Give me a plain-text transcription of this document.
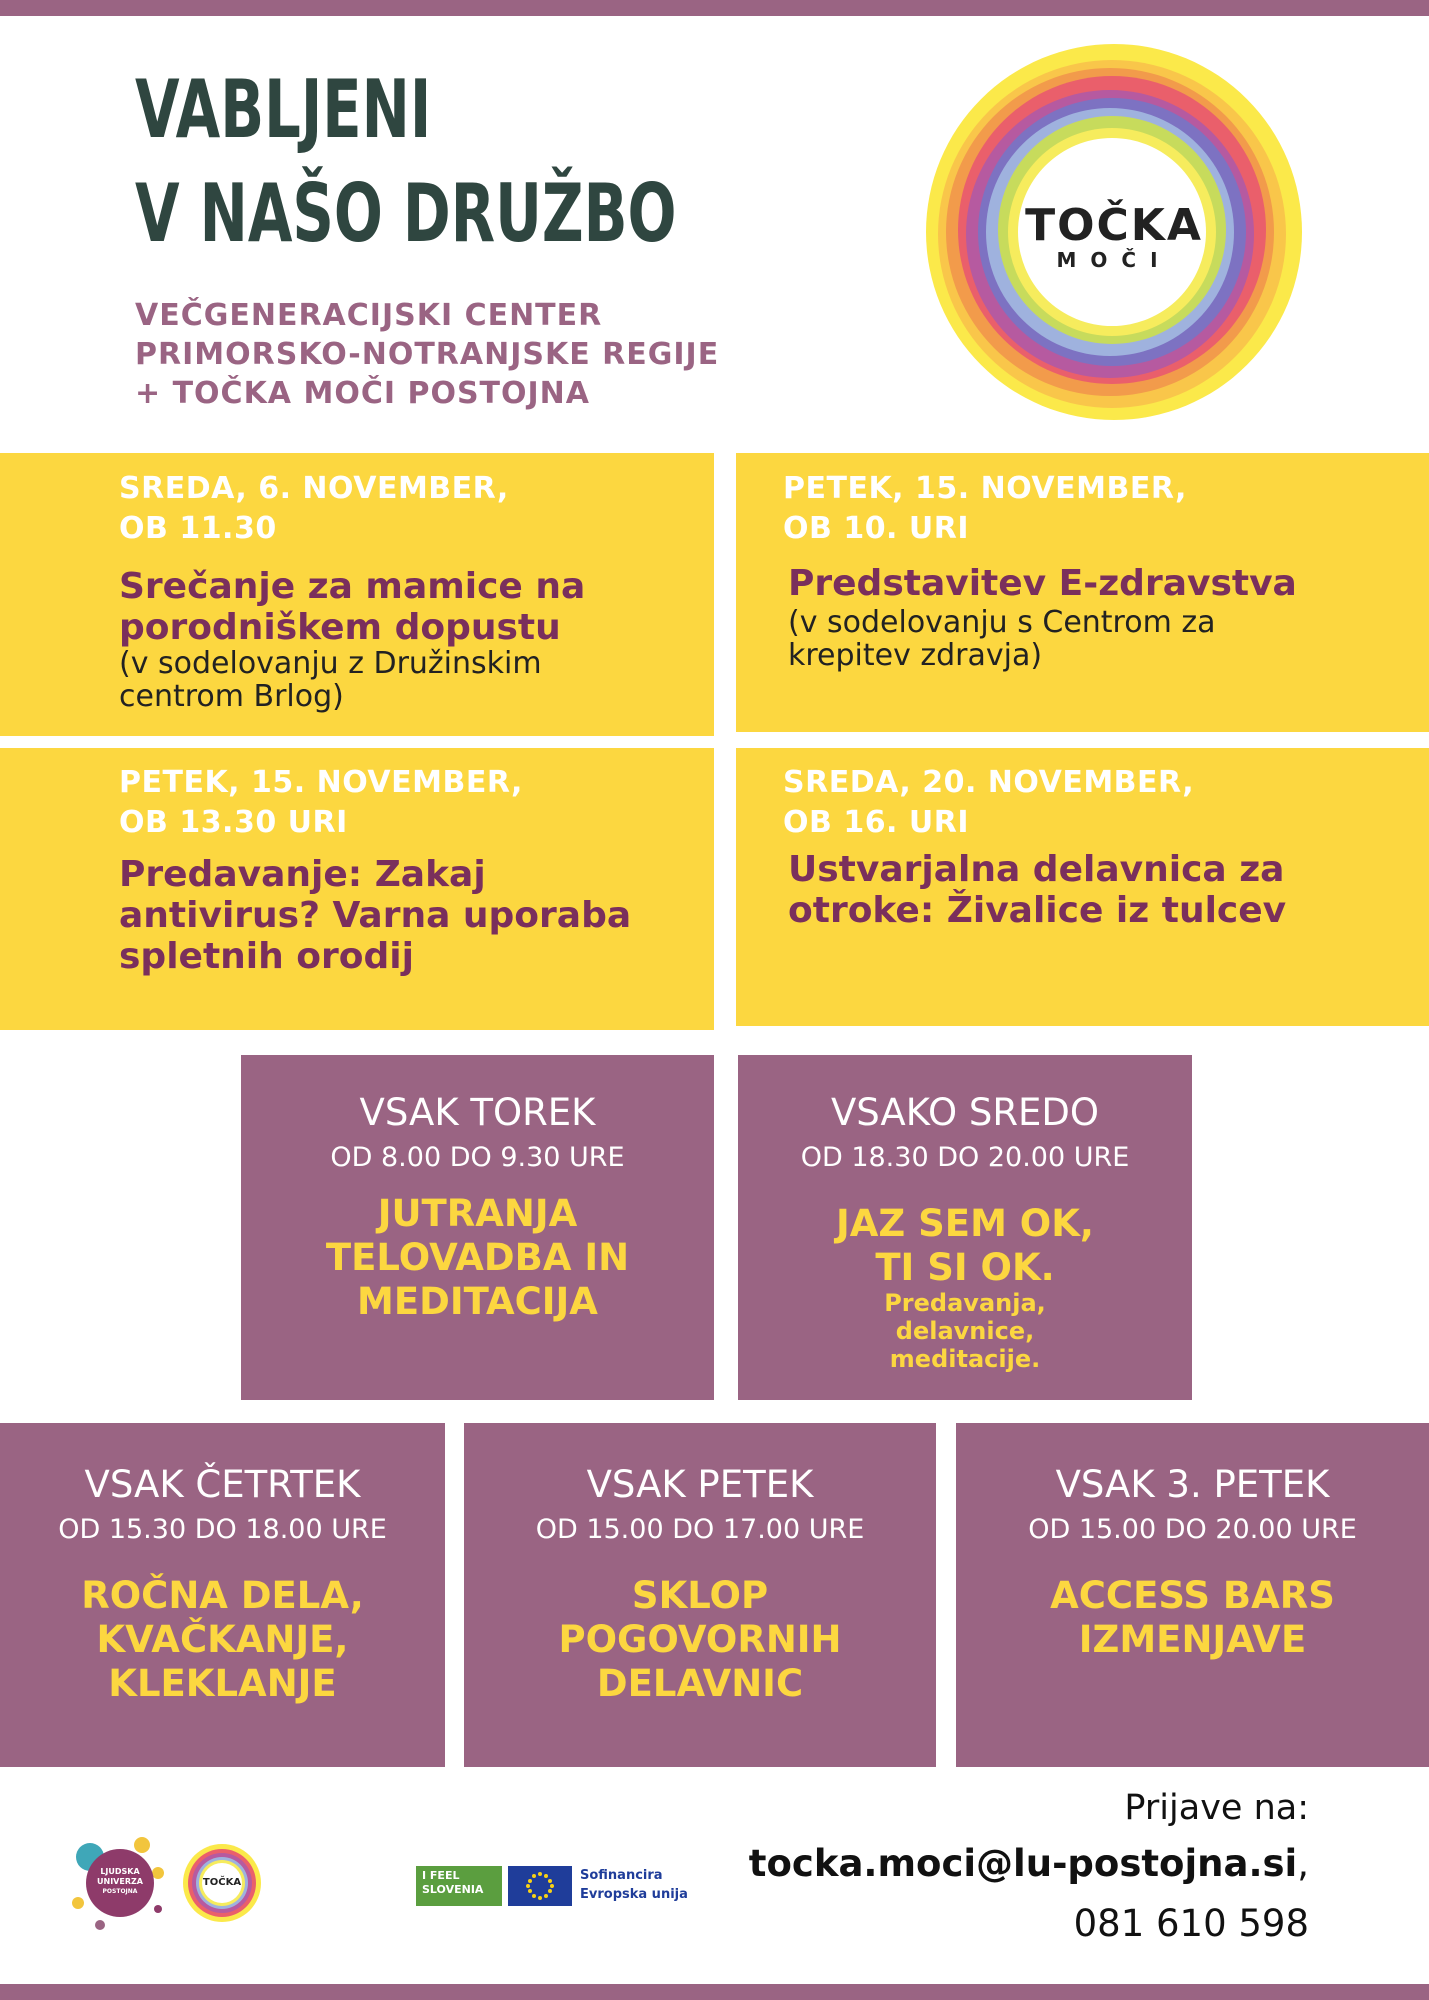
VABLJENI
V NAŠO DRUŽBO
VEČGENERACIJSKI CENTER
PRIMORSKO-NOTRANJSKE REGIJE
+ TOČKA MOČI POSTOJNA
TOČKA
MOČI
SREDA, 6. NOVEMBER,
OB 11.30
Srečanje za mamice na porodniškem dopustu
(v sodelovanju z Družinskim centrom Brlog)
PETEK, 15. NOVEMBER,
OB 10. URI
Predstavitev E-zdravstva
(v sodelovanju s Centrom za krepitev zdravja)
PETEK, 15. NOVEMBER,
OB 13.30 URI
Predavanje: Zakaj antivirus? Varna uporaba spletnih orodij
SREDA, 20. NOVEMBER,
OB 16. URI
Ustvarjalna delavnica za otroke: Živalice iz tulcev
VSAK TOREK
OD 8.00 DO 9.30 URE
JUTRANJA TELOVADBA IN MEDITACIJA
VSAKO SREDO
OD 18.30 DO 20.00 URE
JAZ SEM OK, TI SI OK.
Predavanja, delavnice, meditacije.
VSAK ČETRTEK
OD 15.30 DO 18.00 URE
ROČNA DELA, KVAČKANJE, KLEKLANJE
VSAK PETEK
OD 15.00 DO 17.00 URE
SKLOP POGOVORNIH DELAVNIC
VSAK 3. PETEK
OD 15.00 DO 20.00 URE
ACCESS BARS IZMENJAVE
LJUDSKA
UNIVERZA
POSTOJNA
TOČKA
I FEEL
SLOVENIA
Sofinancira
Evropska unija
Prijave na:
tocka.moci@lu-postojna.si,
081 610 598
